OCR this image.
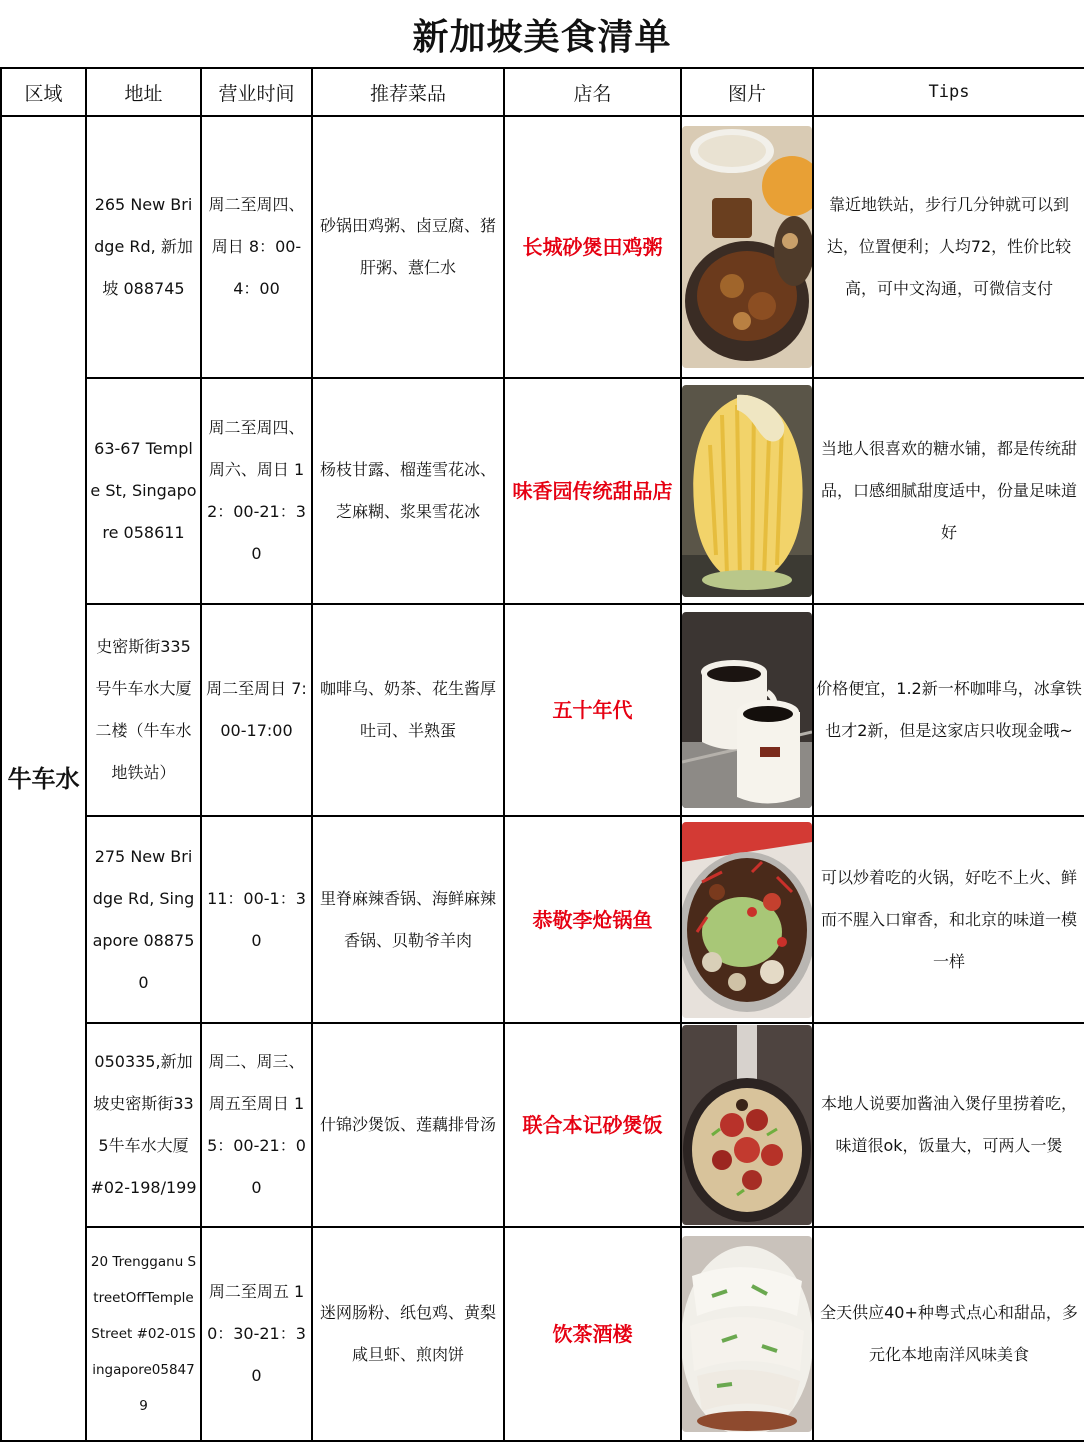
新加坡美食清单
区域	地址	营业时间	推荐菜品	店名	图片	Tips
牛车水	265 New Bridge Rd, 新加坡 088745	周二至周四、周日 8：00-4：00	砂锅田鸡粥、卤豆腐、猪肝粥、薏仁水	长城砂煲田鸡粥		靠近地铁站，步行几分钟就可以到达，位置便利；人均72，性价比较高，可中文沟通，可微信支付
	63-67 Temple St, Singapore 058611	周二至周四、周六、周日 12：00-21：30	杨枝甘露、榴莲雪花冰、芝麻糊、浆果雪花冰	味香园传统甜品店		当地人很喜欢的糖水铺，都是传统甜品，口感细腻甜度适中，份量足味道好
	史密斯街335号牛车水大厦二楼（牛车水地铁站）	周二至周日 7:00-17:00	咖啡乌、奶茶、花生酱厚吐司、半熟蛋	五十年代		价格便宜，1.2新一杯咖啡乌，冰拿铁也才2新，但是这家店只收现金哦~
	275 New Bridge Rd, Singapore 088750	11：00-1：30	里脊麻辣香锅、海鲜麻辣香锅、贝勒爷羊肉	恭敬李炝锅鱼		可以炒着吃的火锅，好吃不上火、鲜而不腥入口窜香，和北京的味道一模一样
	050335,新加坡史密斯街335牛车水大厦 #02-198/199	周二、周三、周五至周日 15：00-21：00	什锦沙煲饭、莲藕排骨汤	联合本记砂煲饭		本地人说要加酱油入煲仔里捞着吃，味道很ok，饭量大，可两人一煲
	20 Trengganu StreetOffTemple Street #02-01Singapore058479	周二至周五 10：30-21：30	迷网肠粉、纸包鸡、黄梨咸旦虾、煎肉饼	饮茶酒楼		全天供应40+种粤式点心和甜品，多元化本地南洋风味美食
